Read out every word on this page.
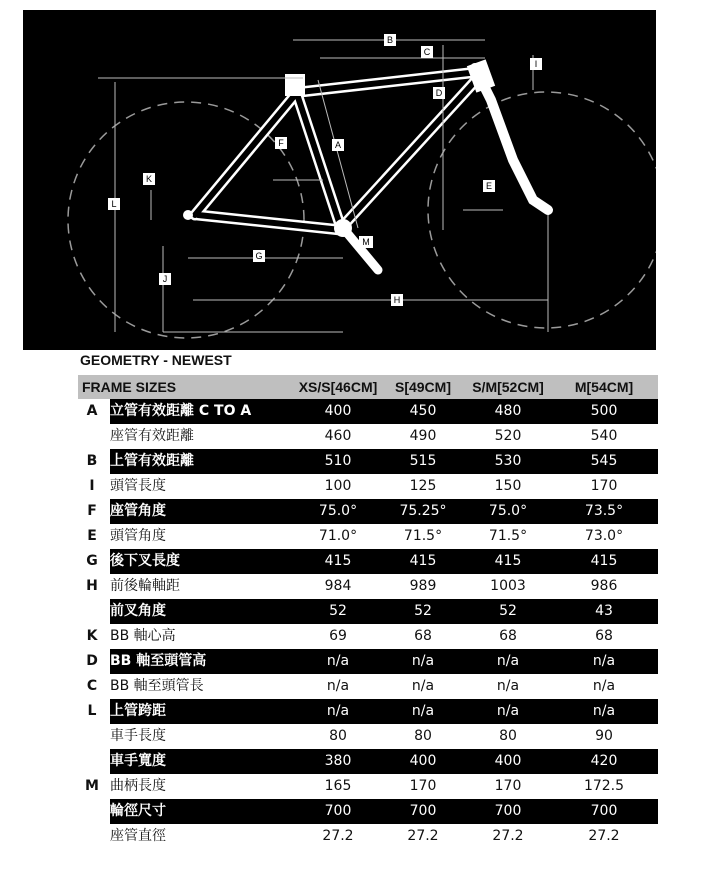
B
C
D
I
F	A
K
L
E
M
G
J
H
GEOMETRY - NEWEST
FRAME SIZES	XS/S[46CM]	S[49CM]	S/M[52CM]	M[54CM]
A 立管有效距離 C TO A	400	450	480	500
座管有效距離	460	490	520	540
B 上管有效距離	510	515	530	545
I	頭管長度	100	125	150	170
F 座管角度	75.0°	75.25°	75.0°	73.5°
E 頭管角度	71.0°	71.5°	71.5°	73.0°
G 後下叉長度	415	415	415	415
H 前後輪軸距	984	989	1003	986
前叉角度	52	52	52	43
K BB 軸心高	69	68	68	68
D BB 軸至頭管高	n/a	n/a	n/a	n/a
C BB 軸至頭管長	n/a	n/a	n/a	n/a
L 上管跨距	n/a	n/a	n/a	n/a
車手長度	80	80	80	90
車手寬度	380	400	400	420
M 曲柄長度	165	170	170	172.5
輪徑尺寸	700	700	700	700
座管直徑	27.2	27.2	27.2	27.2
